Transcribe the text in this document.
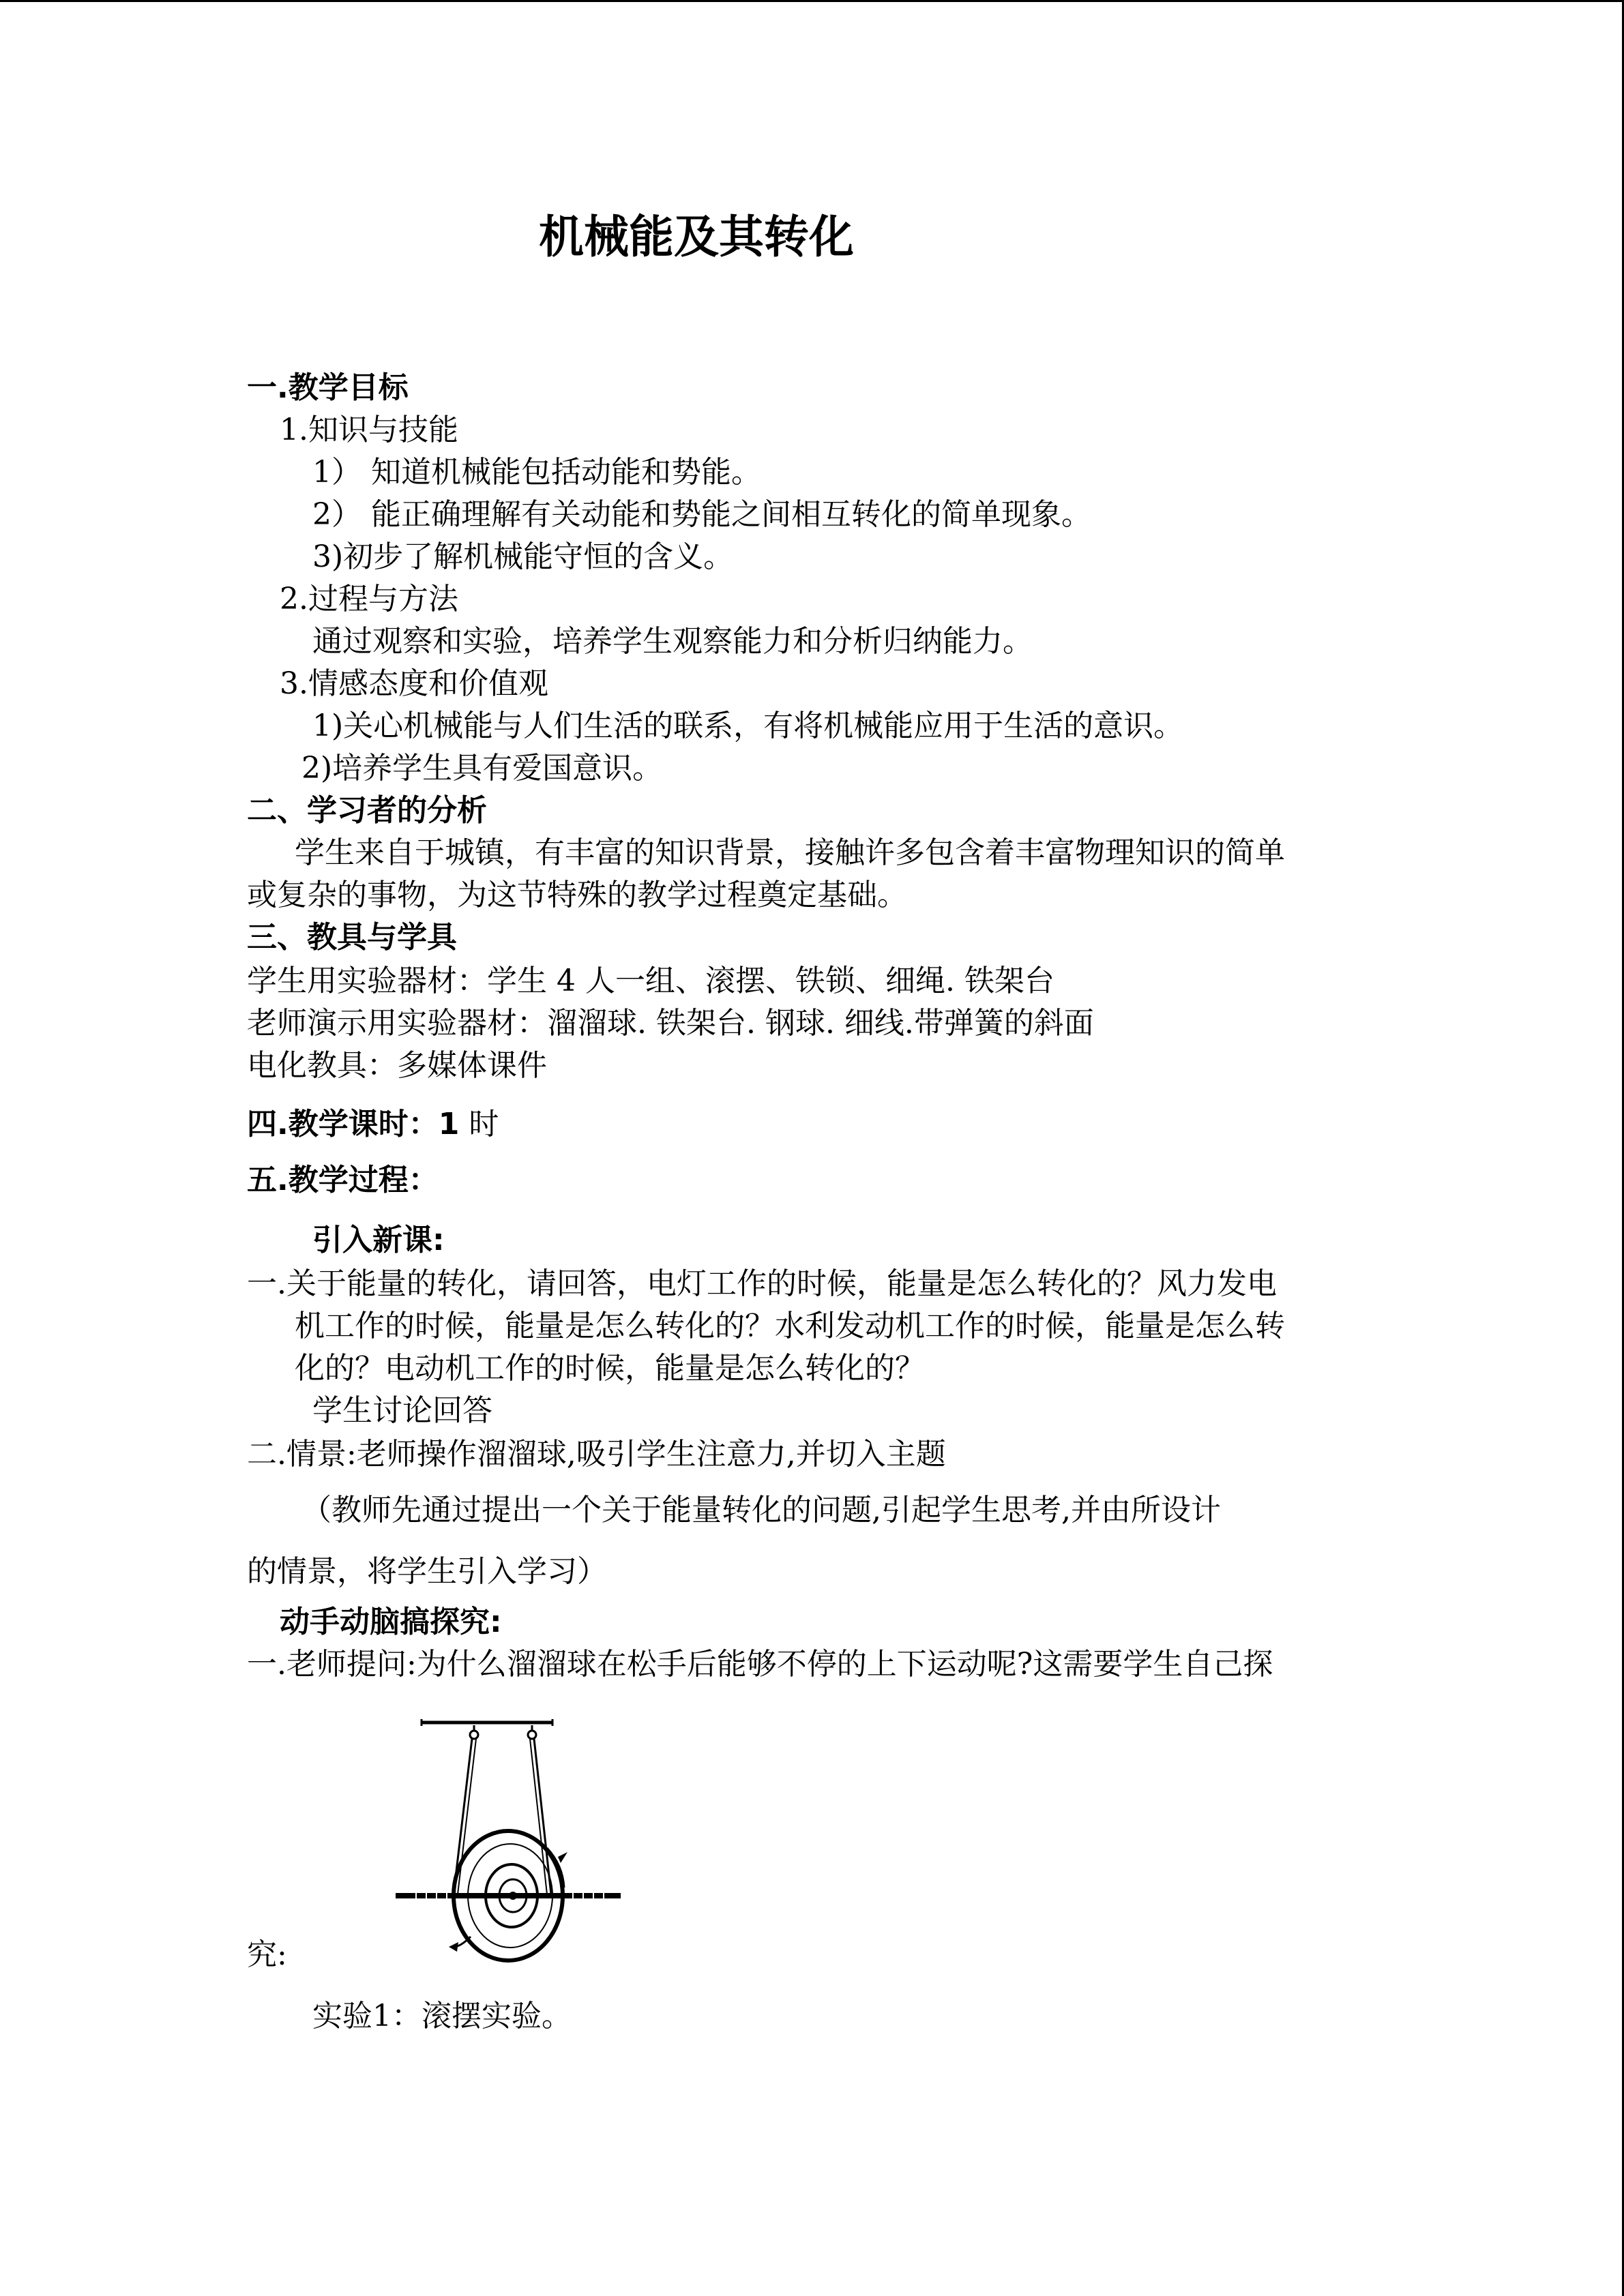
机械能及其转化

一.教学目标

1.知识与技能

1） 知道机械能包括动能和势能。

2） 能正确理解有关动能和势能之间相互转化的简单现象。

3)初步了解机械能守恒的含义。

2.过程与方法

通过观察和实验，培养学生观察能力和分析归纳能力。

3.情感态度和价值观

1)关心机械能与人们生活的联系，有将机械能应用于生活的意识。

2)培养学生具有爱国意识。

二、学习者的分析

学生来自于城镇，有丰富的知识背景，接触许多包含着丰富物理知识的简单

或复杂的事物，为这节特殊的教学过程奠定基础。

三、教具与学具

学生用实验器材：学生 4 人一组、滚摆、铁锁、细绳. 铁架台

老师演示用实验器材：溜溜球. 铁架台. 钢球. 细线.带弹簧的斜面

电化教具：多媒体课件

四.教学课时：1 时

五.教学过程：

引入新课:

一.关于能量的转化，请回答，电灯工作的时候，能量是怎么转化的？风力发电

机工作的时候，能量是怎么转化的？水利发动机工作的时候，能量是怎么转

化的？电动机工作的时候，能量是怎么转化的？

学生讨论回答

二.情景:老师操作溜溜球,吸引学生注意力,并切入主题

（教师先通过提出一个关于能量转化的问题,引起学生思考,并由所设计

的情景，将学生引入学习）

动手动脑搞探究:

一.老师提问:为什么溜溜球在松手后能够不停的上下运动呢?这需要学生自己探

究:

实验1：滚摆实验。
